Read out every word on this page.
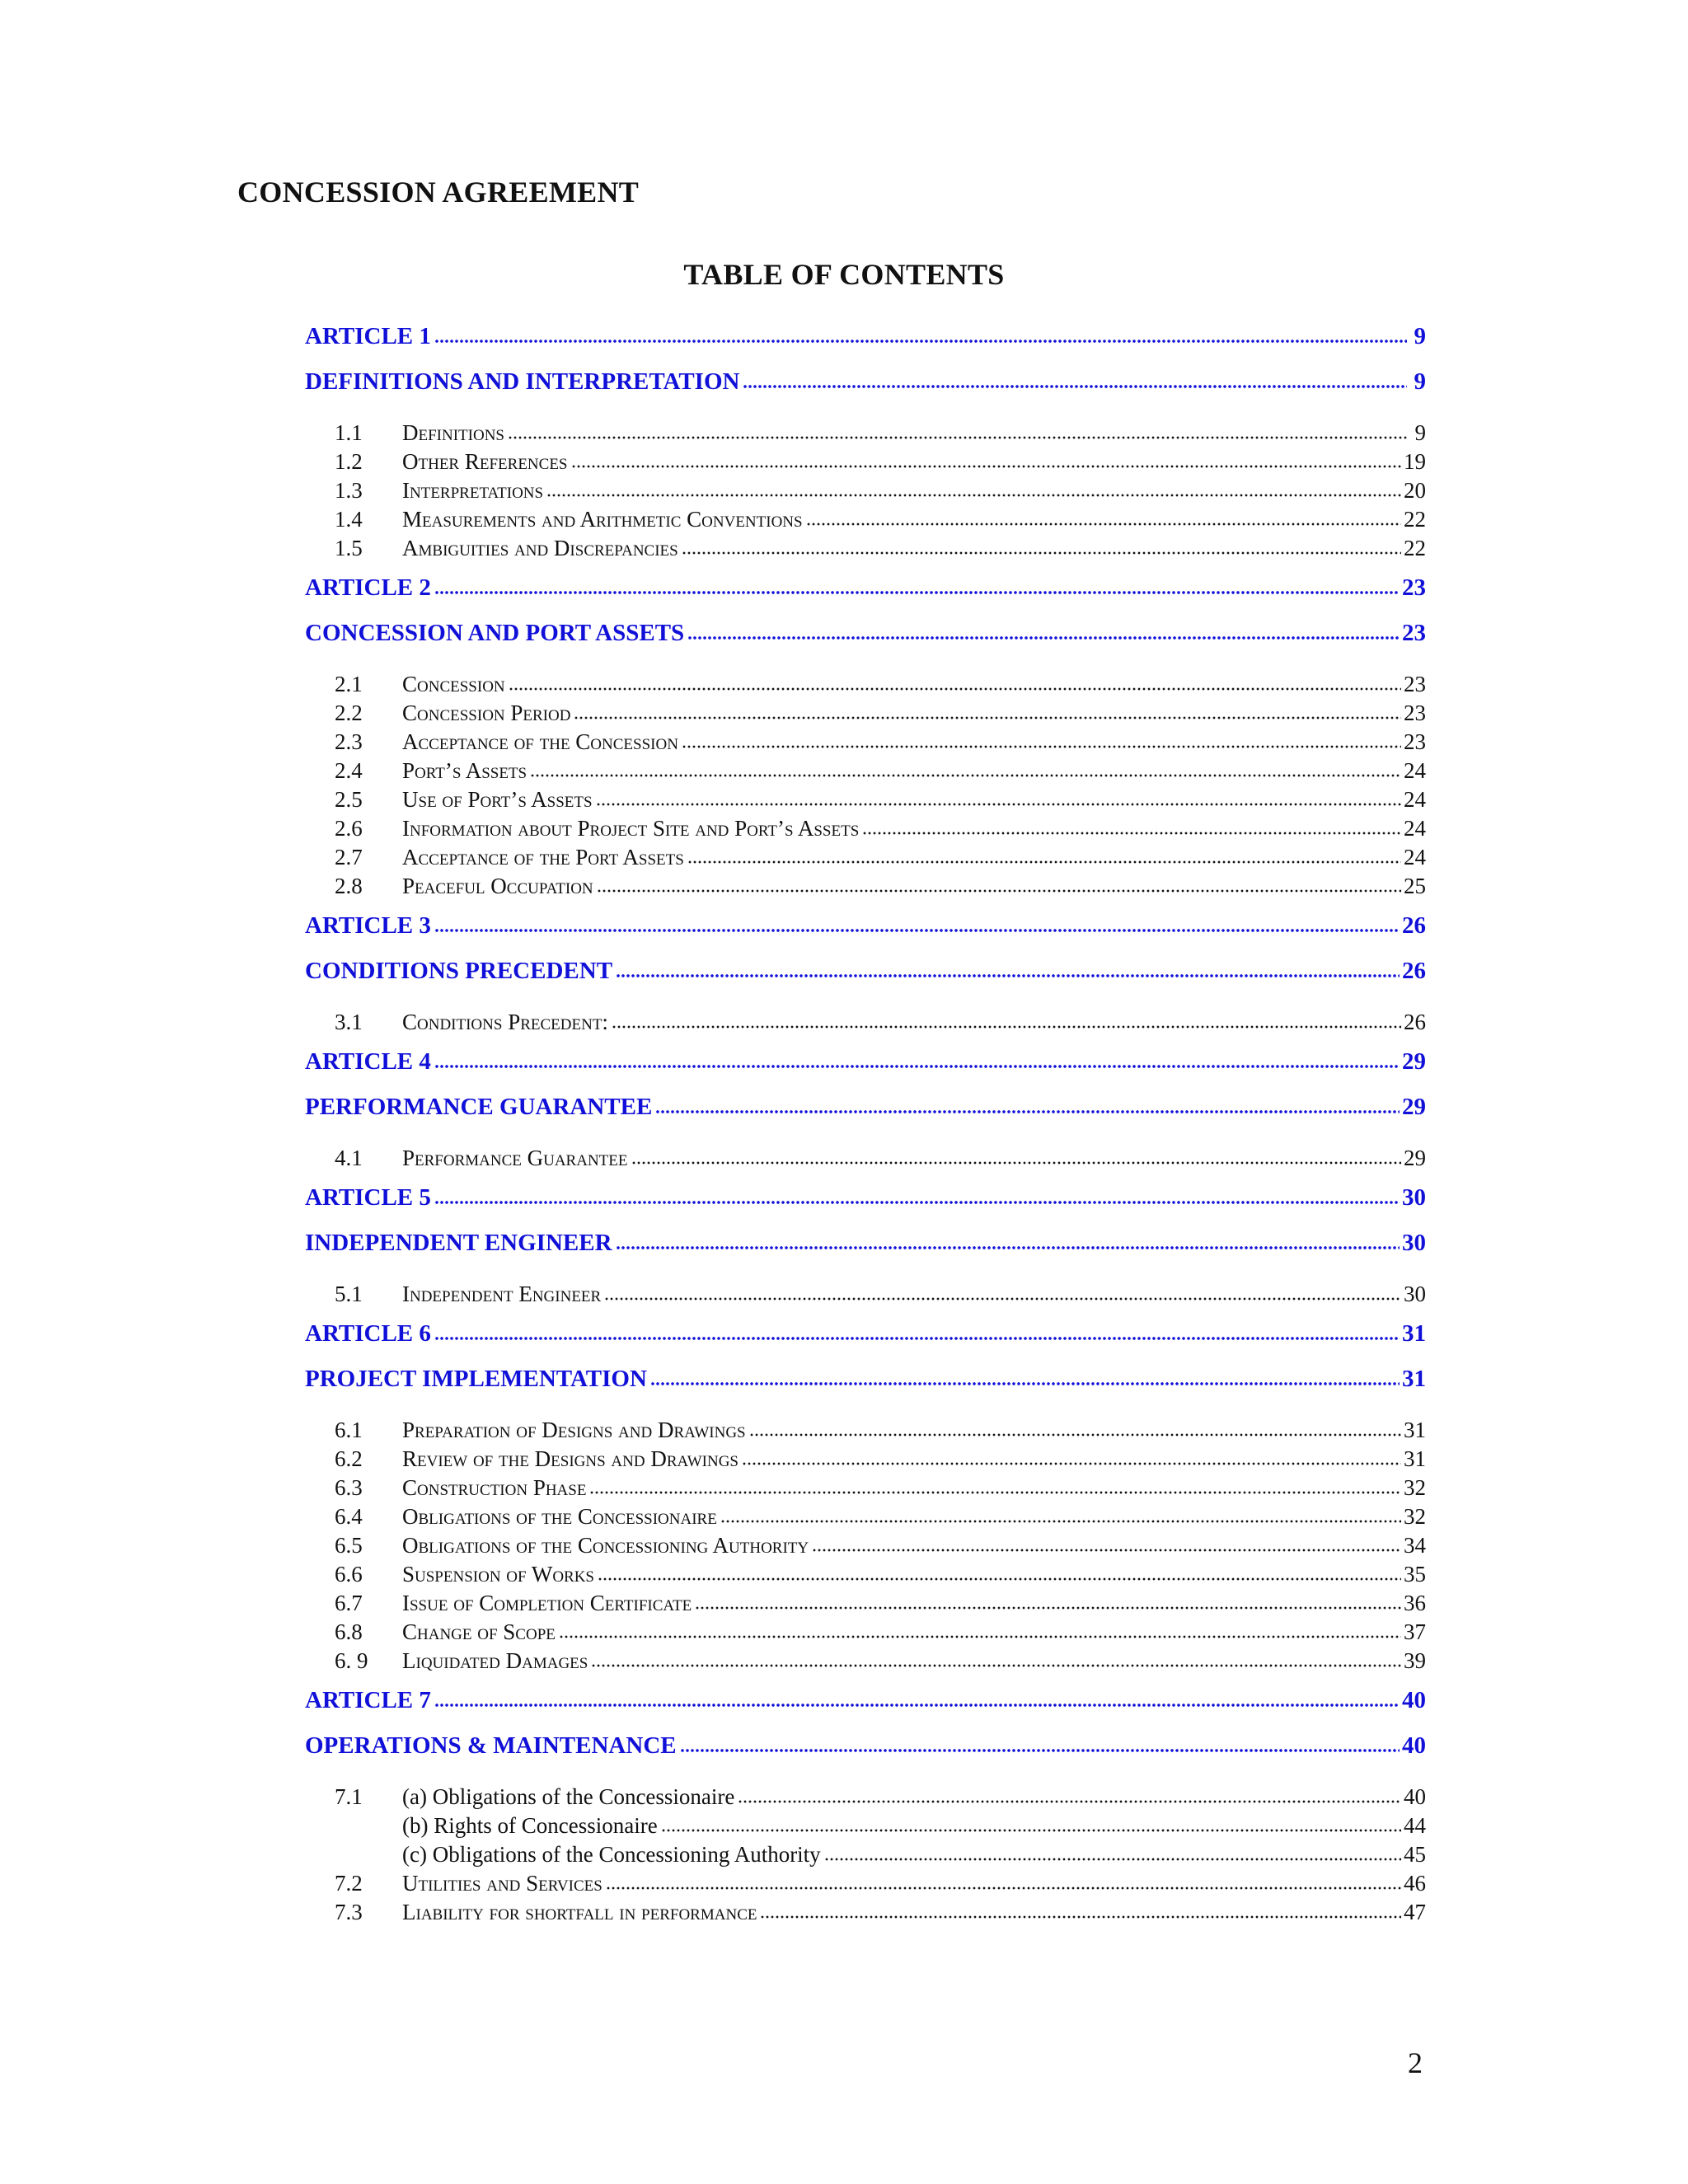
CONCESSION AGREEMENT
TABLE OF CONTENTS
ARTICLE 1	9
DEFINITIONS AND INTERPRETATION	9
1.1	Definitions	9
1.2	Other References	19
1.3	Interpretations	20
1.4	Measurements and Arithmetic Conventions	22
1.5	Ambiguities and Discrepancies	22
ARTICLE 2	23
CONCESSION AND PORT ASSETS	23
2.1	Concession	23
2.2	Concession Period	23
2.3	Acceptance of the Concession	23
2.4	Port’s Assets	24
2.5	Use of Port’s Assets	24
2.6	Information about Project Site and Port’s Assets	24
2.7	Acceptance of the Port Assets	24
2.8	Peaceful Occupation	25
ARTICLE 3	26
CONDITIONS PRECEDENT	26
3.1	Conditions Precedent:	26
ARTICLE 4	29
PERFORMANCE GUARANTEE	29
4.1	Performance Guarantee	29
ARTICLE 5	30
INDEPENDENT ENGINEER	30
5.1	Independent Engineer	30
ARTICLE 6	31
PROJECT IMPLEMENTATION	31
6.1	Preparation of Designs and Drawings	31
6.2	Review of the Designs and Drawings	31
6.3	Construction Phase	32
6.4	Obligations of the Concessionaire	32
6.5	Obligations of the Concessioning Authority	34
6.6	Suspension of Works	35
6.7	Issue of Completion Certificate	36
6.8	Change of Scope	37
6. 9	Liquidated Damages	39
ARTICLE 7	40
OPERATIONS & MAINTENANCE	40
7.1	(a) Obligations of the Concessionaire	40
(b) Rights of Concessionaire	44
(c) Obligations of the Concessioning Authority	45
7.2	Utilities and Services	46
7.3	Liability for shortfall in performance	47
2
